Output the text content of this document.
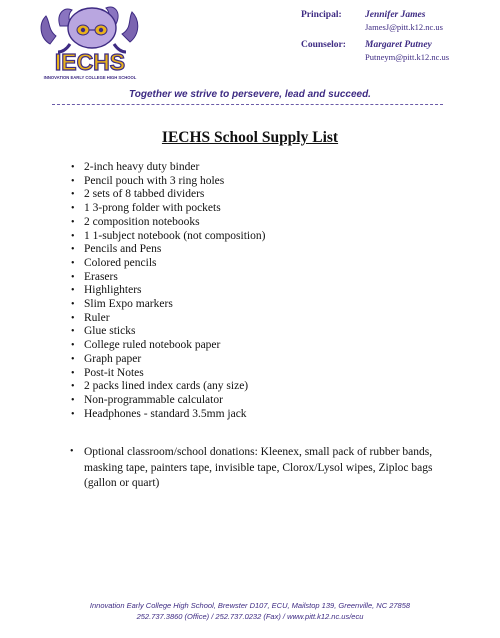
IECHS
INNOVATION EARLY COLLEGE HIGH SCHOOL
Principal: Jennifer James
JamesJ@pitt.k12.nc.us
Counselor: Margaret Putney
Putneym@pitt.k12.nc.us
Together we strive to persevere, lead and succeed.
IECHS School Supply List
• 2-inch heavy duty binder
• Pencil pouch with 3 ring holes
• 2 sets of 8 tabbed dividers
• 1 3-prong folder with pockets
• 2 composition notebooks
• 1 1-subject notebook (not composition)
• Pencils and Pens
• Colored pencils
• Erasers
• Highlighters
• Slim Expo markers
• Ruler
• Glue sticks
• College ruled notebook paper
• Graph paper
• Post-it Notes
• 2 packs lined index cards (any size)
• Non-programmable calculator
• Headphones - standard 3.5mm jack
• Optional classroom/school donations: Kleenex, small pack of rubber bands, masking tape, painters tape, invisible tape, Clorox/Lysol wipes, Ziploc bags (gallon or quart)
Innovation Early College High School, Brewster D107, ECU, Mailstop 139, Greenville, NC 27858
252.737.3860 (Office) / 252.737.0232 (Fax) / www.pitt.k12.nc.us/ecu
